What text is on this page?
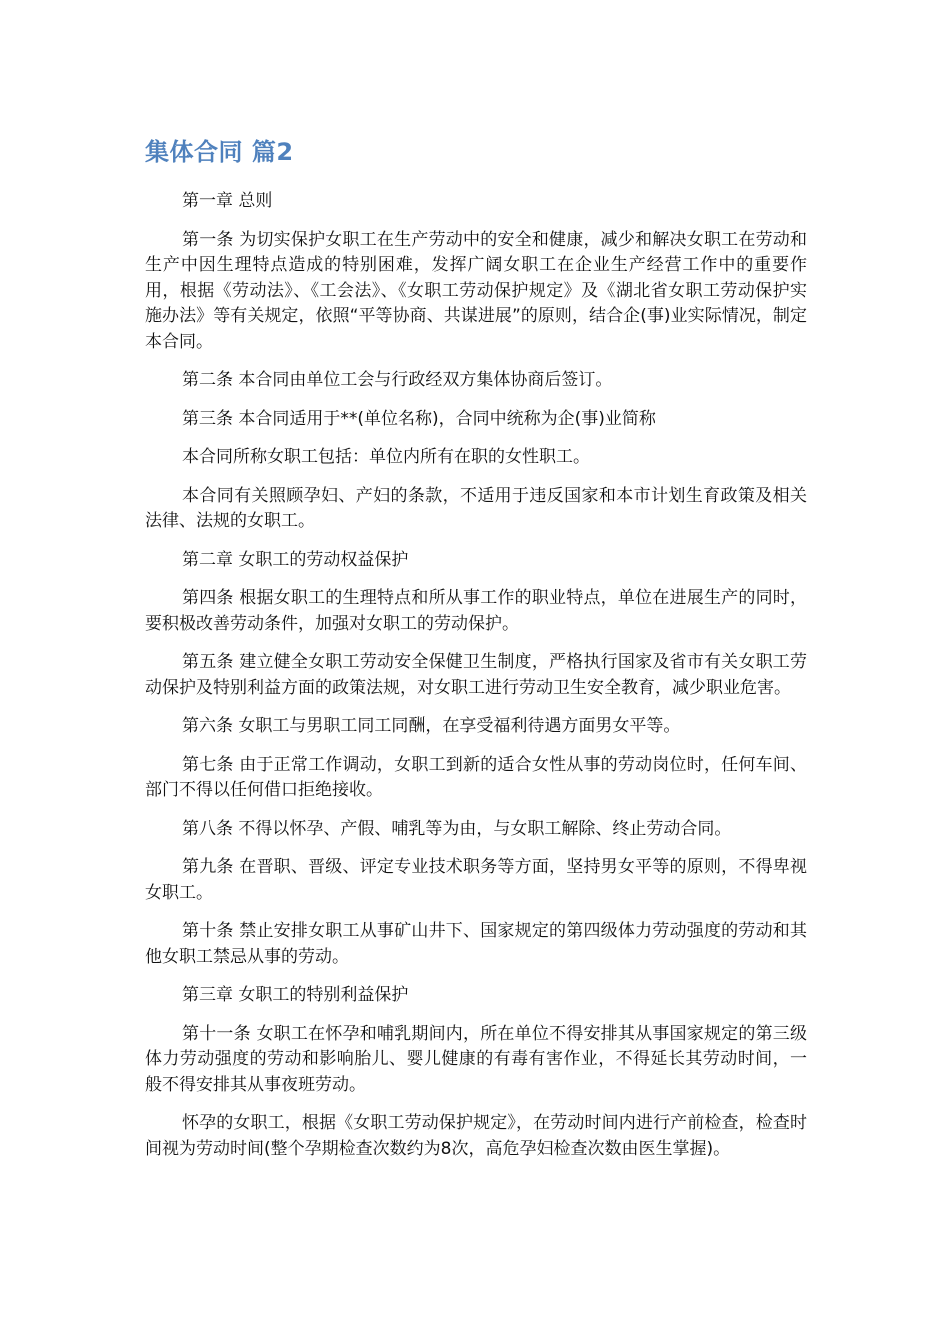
集体合同 篇2

第一章 总则

第一条 为切实保护女职工在生产劳动中的安全和健康，减少和解决女职工在劳动和生产中因生理特点造成的特别困难，发挥广阔女职工在企业生产经营工作中的重要作用，根据《劳动法》、《工会法》、《女职工劳动保护规定》及《湖北省女职工劳动保护实施办法》等有关规定，依照“平等协商、共谋进展”的原则，结合企(事)业实际情况，制定本合同。

第二条 本合同由单位工会与行政经双方集体协商后签订。

第三条 本合同适用于**(单位名称)，合同中统称为企(事)业简称

本合同所称女职工包括：单位内所有在职的女性职工。

本合同有关照顾孕妇、产妇的条款，不适用于违反国家和本市计划生育政策及相关法律、法规的女职工。

第二章 女职工的劳动权益保护

第四条 根据女职工的生理特点和所从事工作的职业特点，单位在进展生产的同时，要积极改善劳动条件，加强对女职工的劳动保护。

第五条 建立健全女职工劳动安全保健卫生制度，严格执行国家及省市有关女职工劳动保护及特别利益方面的政策法规，对女职工进行劳动卫生安全教育，减少职业危害。

第六条 女职工与男职工同工同酬，在享受福利待遇方面男女平等。

第七条 由于正常工作调动，女职工到新的适合女性从事的劳动岗位时，任何车间、部门不得以任何借口拒绝接收。

第八条 不得以怀孕、产假、哺乳等为由，与女职工解除、终止劳动合同。

第九条 在晋职、晋级、评定专业技术职务等方面，坚持男女平等的原则，不得卑视女职工。

第十条 禁止安排女职工从事矿山井下、国家规定的第四级体力劳动强度的劳动和其他女职工禁忌从事的劳动。

第三章 女职工的特别利益保护

第十一条 女职工在怀孕和哺乳期间内，所在单位不得安排其从事国家规定的第三级体力劳动强度的劳动和影响胎儿、婴儿健康的有毒有害作业，不得延长其劳动时间，一般不得安排其从事夜班劳动。

怀孕的女职工，根据《女职工劳动保护规定》，在劳动时间内进行产前检查，检查时间视为劳动时间(整个孕期检查次数约为8次，高危孕妇检查次数由医生掌握)。
